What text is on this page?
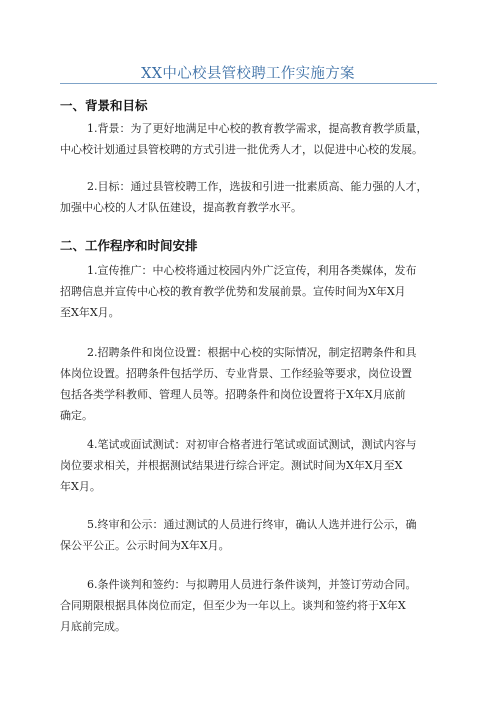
XX中心校县管校聘工作实施方案
一、背景和目标
1.背景：为了更好地满足中心校的教育教学需求，提高教育教学质量，
中心校计划通过县管校聘的方式引进一批优秀人才，以促进中心校的发展。
2.目标：通过县管校聘工作，选拔和引进一批素质高、能力强的人才，
加强中心校的人才队伍建设，提高教育教学水平。
二、工作程序和时间安排
1.宣传推广：中心校将通过校园内外广泛宣传，利用各类媒体，发布
招聘信息并宣传中心校的教育教学优势和发展前景。宣传时间为X年X月
至X年X月。
2.招聘条件和岗位设置：根据中心校的实际情况，制定招聘条件和具
体岗位设置。招聘条件包括学历、专业背景、工作经验等要求，岗位设置
包括各类学科教师、管理人员等。招聘条件和岗位设置将于X年X月底前
确定。
4.笔试或面试测试：对初审合格者进行笔试或面试测试，测试内容与
岗位要求相关，并根据测试结果进行综合评定。测试时间为X年X月至X
年X月。
5.终审和公示：通过测试的人员进行终审，确认人选并进行公示，确
保公平公正。公示时间为X年X月。
6.条件谈判和签约：与拟聘用人员进行条件谈判，并签订劳动合同。
合同期限根据具体岗位而定，但至少为一年以上。谈判和签约将于X年X
月底前完成。
